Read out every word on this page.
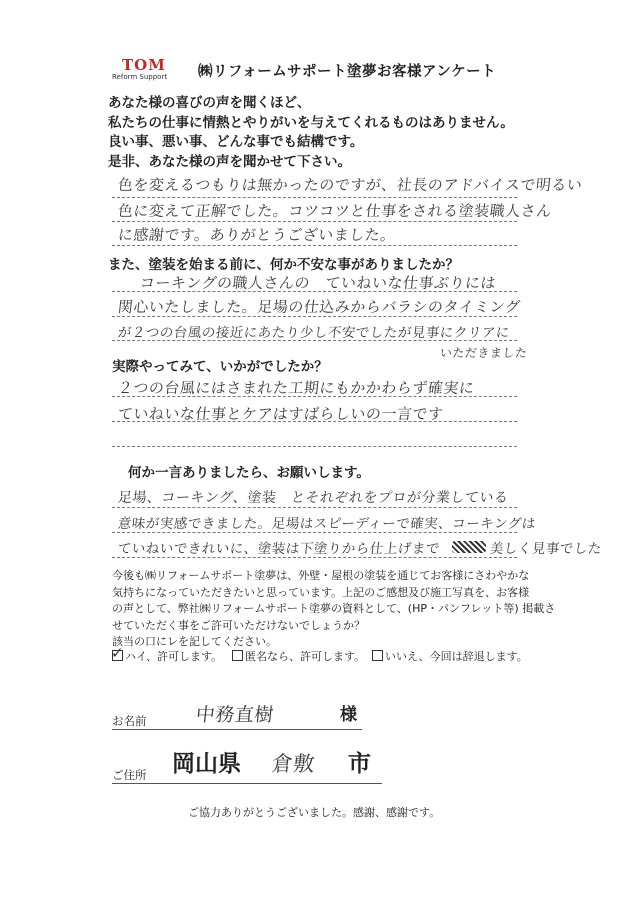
TOM
Reform Support ㈱リフォームサポート塗夢お客様アンケート
あなた様の喜びの声を聞くほど、
私たちの仕事に情熱とやりがいを与えてくれるものはありません。
良い事、悪い事、どんな事でも結構です。
是非、あなた様の声を聞かせて下さい。
色を変えるつもりは無かったのですが、社長のアドバイスで明るい
色に変えて正解でした。コツコツと仕事をされる塗装職人さん
に感謝です。ありがとうございました。
また、塗装を始まる前に、何か不安な事がありましたか？
コーキングの職人さんの　ていねいな仕事ぶりには
関心いたしました。足場の仕込みからバラシのタイミング
が２つの台風の接近にあたり少し不安でしたが見事にクリアに
いただきました
実際やってみて、いかがでしたか？
２つの台風にはさまれた工期にもかかわらず確実に
ていねいな仕事とケアはすばらしいの一言です
何か一言ありましたら、お願いします。
足場、コーキング、塗装　とそれぞれをプロが分業している
意味が実感できました。足場はスピーディーで確実、コーキングは
ていねいできれいに、塗装は下塗りから仕上げまで	美しく見事でした
今後も㈱リフォームサポート塗夢は、外壁・屋根の塗装を通じてお客様にさわやかな
気持ちになっていただきたいと思っています。上記のご感想及び施工写真を、お客様
の声として、弊社㈱リフォームサポート塗夢の資料として、(HP・パンフレット等) 掲載さ
せていただく事をご許可いただけないでしょうか？
該当の口にレを記してください。
✓ ハイ、許可します。	匿名なら、許可します。	いいえ、今回は辞退します。
お名前	中務直樹	様
ご住所 岡山県 倉敷 市
ご協力ありがとうございました。感謝、感謝です。
